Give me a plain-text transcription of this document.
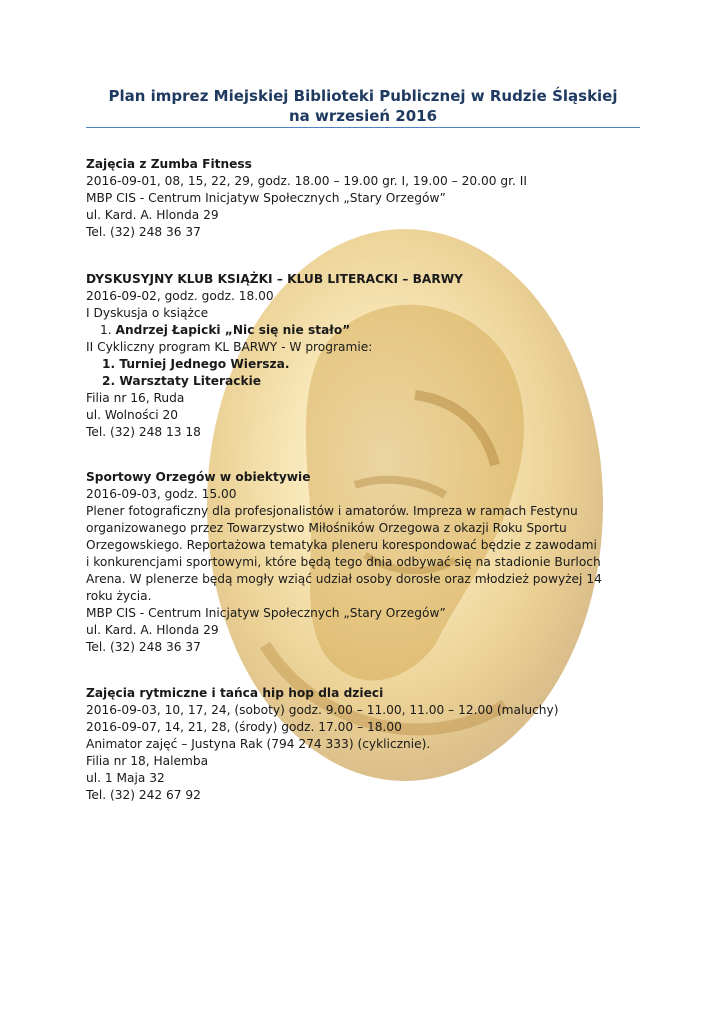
Plan imprez Miejskiej Biblioteki Publicznej w Rudzie Śląskiej
na wrzesień 2016
Zajęcia z Zumba Fitness
2016-09-01, 08, 15, 22, 29, godz. 18.00 – 19.00 gr. I, 19.00 – 20.00 gr. II
MBP CIS - Centrum Inicjatyw Społecznych „Stary Orzegów”
ul. Kard. A. Hlonda 29
Tel. (32) 248 36 37
DYSKUSYJNY KLUB KSIĄŻKI – KLUB LITERACKI – BARWY
2016-09-02, godz. godz. 18.00
I Dyskusja o książce
1. Andrzej Łapicki „Nic się nie stało”
II Cykliczny program KL BARWY - W programie:
1. Turniej Jednego Wiersza.
2. Warsztaty Literackie
Filia nr 16, Ruda
ul. Wolności 20
Tel. (32) 248 13 18
Sportowy Orzegów w obiektywie
2016-09-03, godz. 15.00
Plener fotograficzny dla profesjonalistów i amatorów. Impreza w ramach Festynu
organizowanego przez Towarzystwo Miłośników Orzegowa z okazji Roku Sportu
Orzegowskiego. Reportażowa tematyka pleneru korespondować będzie z zawodami
i konkurencjami sportowymi, które będą tego dnia odbywać się na stadionie Burloch
Arena. W plenerze będą mogły wziąć udział osoby dorosłe oraz młodzież powyżej 14
roku życia.
MBP CIS - Centrum Inicjatyw Społecznych „Stary Orzegów”
ul. Kard. A. Hlonda 29
Tel. (32) 248 36 37
Zajęcia rytmiczne i tańca hip hop dla dzieci
2016-09-03, 10, 17, 24, (soboty) godz. 9.00 – 11.00, 11.00 – 12.00 (maluchy)
2016-09-07, 14, 21, 28, (środy) godz. 17.00 – 18.00
Animator zajęć – Justyna Rak (794 274 333) (cyklicznie).
Filia nr 18, Halemba
ul. 1 Maja 32
Tel. (32) 242 67 92
